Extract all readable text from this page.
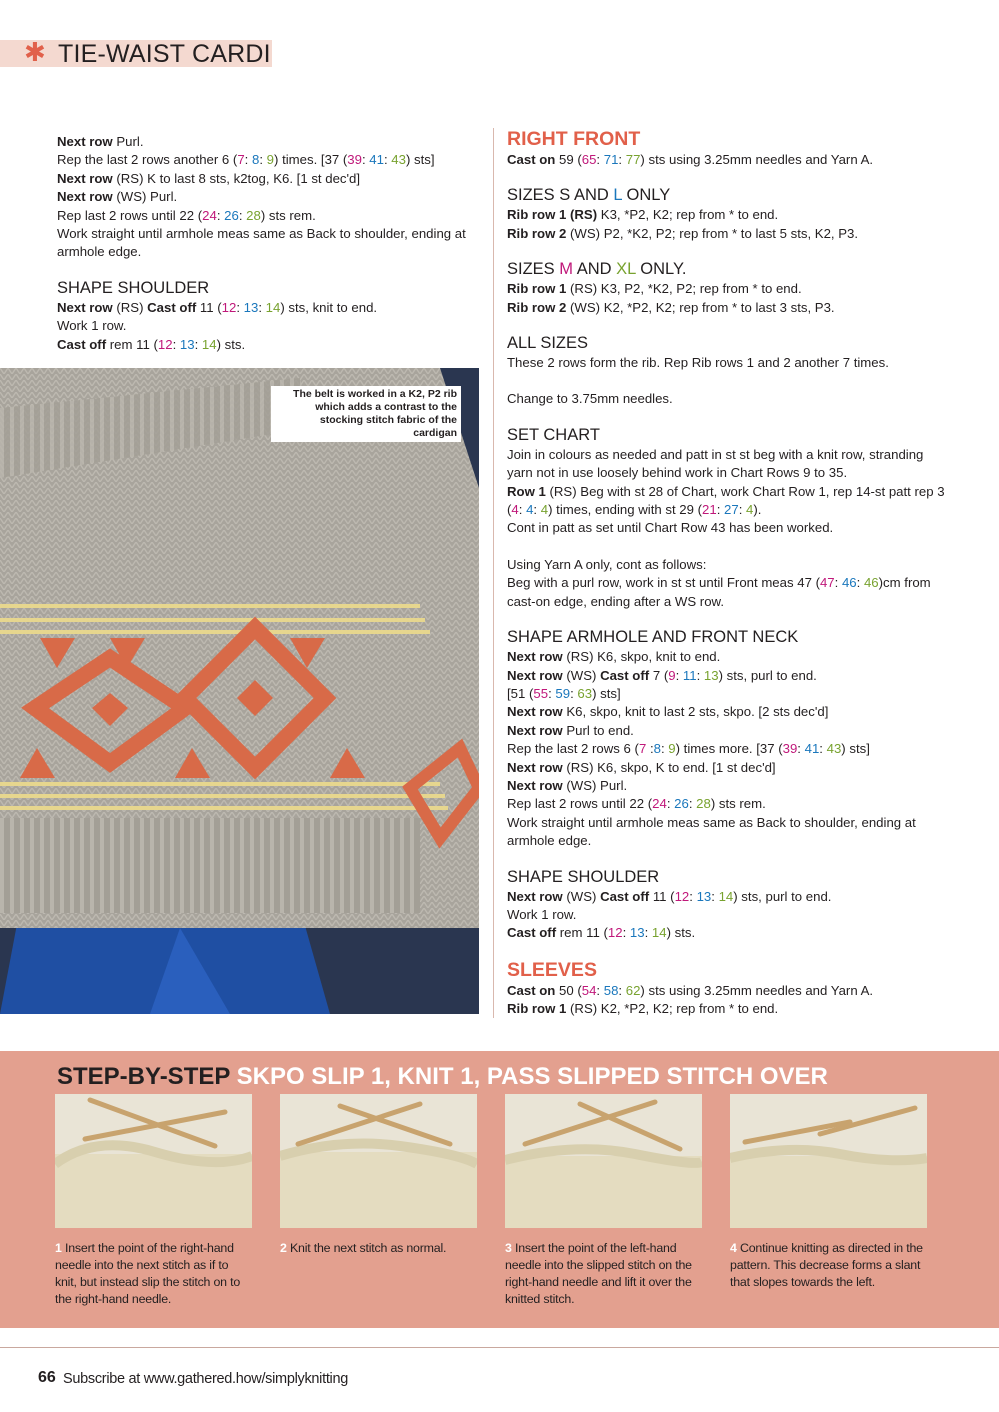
✱ TIE-WAIST CARDI

Next row Purl.

Rep the last 2 rows another 6 (7: 8: 9) times. [37 (39: 41: 43) sts]

Next row (RS) K to last 8 sts, k2tog, K6. [1 st dec'd]

Next row (WS) Purl.

Rep last 2 rows until 22 (24: 26: 28) sts rem.

Work straight until armhole meas same as Back to shoulder, ending at armhole edge.

SHAPE SHOULDER

Next row (RS) Cast off 11 (12: 13: 14) sts, knit to end.

Work 1 row.

Cast off rem 11 (12: 13: 14) sts.

The belt is worked in a K2, P2 rib which adds a contrast to the stocking stitch fabric of the cardigan
RIGHT FRONT

Cast on 59 (65: 71: 77) sts using 3.25mm needles and Yarn A.

SIZES S AND L ONLY

Rib row 1 (RS) K3, *P2, K2; rep from * to end.

Rib row 2 (WS) P2, *K2, P2; rep from * to last 5 sts, K2, P3.

SIZES M AND XL ONLY.

Rib row 1 (RS) K3, P2, *K2, P2; rep from * to end.

Rib row 2 (WS) K2, *P2, K2; rep from * to last 3 sts, P3.

ALL SIZES

These 2 rows form the rib. Rep Rib rows 1 and 2 another 7 times.

Change to 3.75mm needles.

SET CHART

Join in colours as needed and patt in st st beg with a knit row, stranding yarn not in use loosely behind work in Chart Rows 9 to 35.

Row 1 (RS) Beg with st 28 of Chart, work Chart Row 1, rep 14-st patt rep 3 (4: 4: 4) times, ending with st 29 (21: 27: 4).

Cont in patt as set until Chart Row 43 has been worked.

Using Yarn A only, cont as follows:

Beg with a purl row, work in st st until Front meas 47 (47: 46: 46)cm from cast-on edge, ending after a WS row.

SHAPE ARMHOLE AND FRONT NECK

Next row (RS) K6, skpo, knit to end.

Next row (WS) Cast off 7 (9: 11: 13) sts, purl to end.

[51 (55: 59: 63) sts]

Next row K6, skpo, knit to last 2 sts, skpo. [2 sts dec'd]

Next row Purl to end.

Rep the last 2 rows 6 (7 :8: 9) times more. [37 (39: 41: 43) sts]

Next row (RS) K6, skpo, K to end. [1 st dec'd]

Next row (WS) Purl.

Rep last 2 rows until 22 (24: 26: 28) sts rem.

Work straight until armhole meas same as Back to shoulder, ending at armhole edge.

SHAPE SHOULDER

Next row (WS) Cast off 11 (12: 13: 14) sts, purl to end.

Work 1 row.

Cast off rem 11 (12: 13: 14) sts.

SLEEVES

Cast on 50 (54: 58: 62) sts using 3.25mm needles and Yarn A.

Rib row 1 (RS) K2, *P2, K2; rep from * to end.

STEP-BY-STEP SKPO SLIP 1, KNIT 1, PASS SLIPPED STITCH OVER
1 Insert the point of the right-hand needle into the next stitch as if to knit, but instead slip the stitch on to the right-hand needle.
2 Knit the next stitch as normal.	3 Insert the point of the left-hand needle into the slipped stitch on the right-hand needle and lift it over the knitted stitch.
4 Continue knitting as directed in the pattern. This decrease forms a slant that slopes towards the left.
66 Subscribe at www.gathered.how/simplyknitting
